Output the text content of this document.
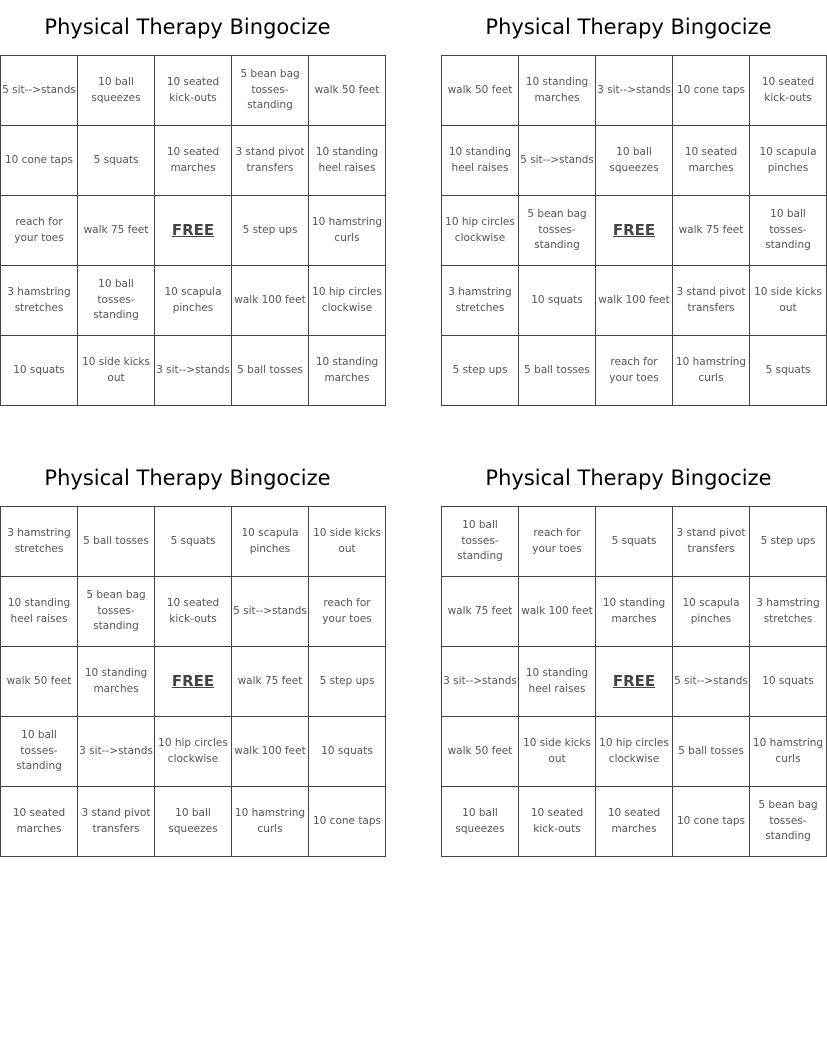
Physical Therapy Bingocize
5 sit-->stands	10 ball squeezes	10 seated kick-outs	5 bean bag tosses-standing	walk 50 feet
10 cone taps	5 squats	10 seated marches	3 stand pivot transfers	10 standing heel raises
reach for your toes	walk 75 feet	FREE	5 step ups	10 hamstring curls
3 hamstring stretches	10 ball tosses-standing	10 scapula pinches	walk 100 feet	10 hip circles clockwise
10 squats	10 side kicks out	3 sit-->stands	5 ball tosses	10 standing marches
Physical Therapy Bingocize
walk 50 feet	10 standing marches	3 sit-->stands	10 cone taps	10 seated kick-outs
10 standing heel raises	5 sit-->stands	10 ball squeezes	10 seated marches	10 scapula pinches
10 hip circles clockwise	5 bean bag tosses-standing	FREE	walk 75 feet	10 ball tosses-standing
3 hamstring stretches	10 squats	walk 100 feet	3 stand pivot transfers	10 side kicks out
5 step ups	5 ball tosses	reach for your toes	10 hamstring curls	5 squats
Physical Therapy Bingocize
3 hamstring stretches	5 ball tosses	5 squats	10 scapula pinches	10 side kicks out
10 standing heel raises	5 bean bag tosses-standing	10 seated kick-outs	5 sit-->stands	reach for your toes
walk 50 feet	10 standing marches	FREE	walk 75 feet	5 step ups
10 ball tosses-standing	3 sit-->stands	10 hip circles clockwise	walk 100 feet	10 squats
10 seated marches	3 stand pivot transfers	10 ball squeezes	10 hamstring curls	10 cone taps
Physical Therapy Bingocize
10 ball tosses-standing	reach for your toes	5 squats	3 stand pivot transfers	5 step ups
walk 75 feet	walk 100 feet	10 standing marches	10 scapula pinches	3 hamstring stretches
3 sit-->stands	10 standing heel raises	FREE	5 sit-->stands	10 squats
walk 50 feet	10 side kicks out	10 hip circles clockwise	5 ball tosses	10 hamstring curls
10 ball squeezes	10 seated kick-outs	10 seated marches	10 cone taps	5 bean bag tosses-standing
